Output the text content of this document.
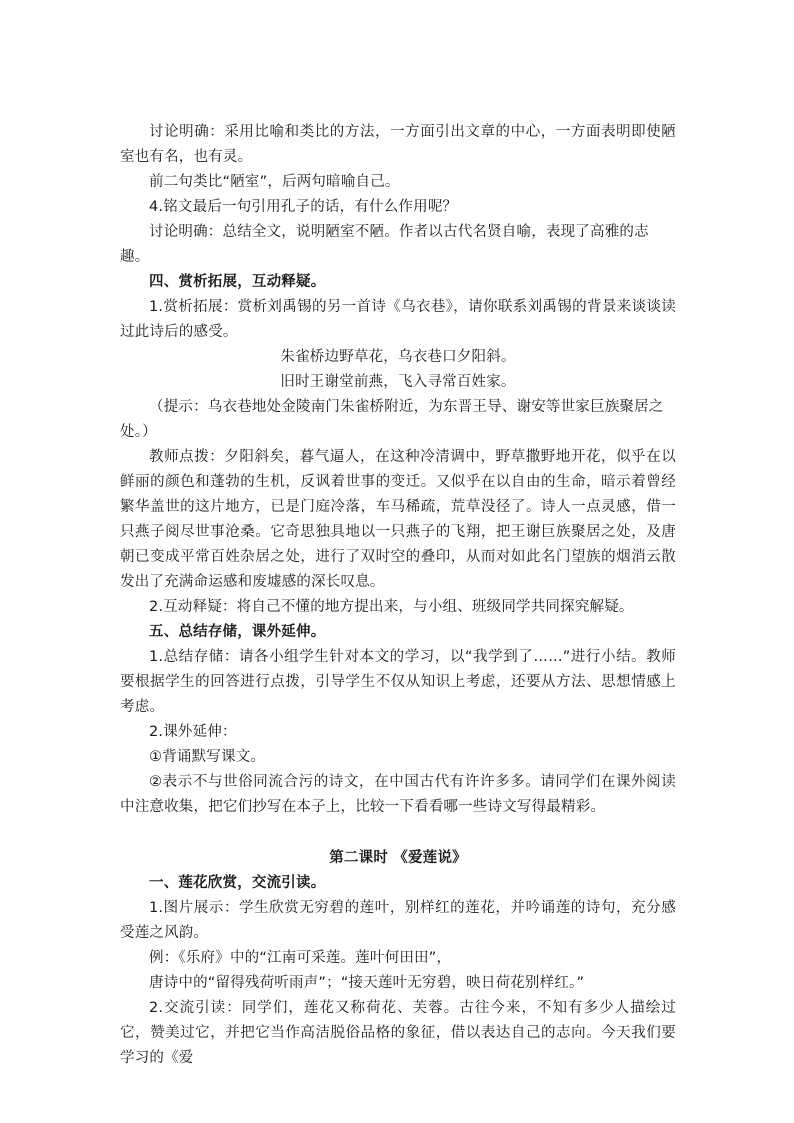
讨论明确：采用比喻和类比的方法，一方面引出文章的中心，一方面表明即使陋室也有名，也有灵。

前二句类比“陋室”，后两句暗喻自己。

4.铭文最后一句引用孔子的话，有什么作用呢？

讨论明确：总结全文，说明陋室不陋。作者以古代名贤自喻，表现了高雅的志趣。

四、赏析拓展，互动释疑。

1.赏析拓展：赏析刘禹锡的另一首诗《乌衣巷》，请你联系刘禹锡的背景来谈谈读过此诗后的感受。

朱雀桥边野草花，乌衣巷口夕阳斜。

旧时王谢堂前燕，飞入寻常百姓家。

（提示：乌衣巷地处金陵南门朱雀桥附近，为东晋王导、谢安等世家巨族聚居之处。）

教师点拨：夕阳斜矣，暮气逼人，在这种冷清调中，野草撒野地开花，似乎在以鲜丽的颜色和蓬勃的生机，反讽着世事的变迁。又似乎在以自由的生命，暗示着曾经繁华盖世的这片地方，已是门庭冷落，车马稀疏，荒草没径了。诗人一点灵感，借一只燕子阅尽世事沧桑。它奇思独具地以一只燕子的飞翔，把王谢巨族聚居之处，及唐朝已变成平常百姓杂居之处，进行了双时空的叠印，从而对如此名门望族的烟消云散发出了充满命运感和废墟感的深长叹息。

2.互动释疑：将自己不懂的地方提出来，与小组、班级同学共同探究解疑。

五、总结存储，课外延伸。

1.总结存储：请各小组学生针对本文的学习，以“我学到了……”进行小结。教师要根据学生的回答进行点拨，引导学生不仅从知识上考虑，还要从方法、思想情感上考虑。

2.课外延伸：

①背诵默写课文。

②表示不与世俗同流合污的诗文，在中国古代有许许多多。请同学们在课外阅读中注意收集，把它们抄写在本子上，比较一下看看哪一些诗文写得最精彩。

第二课时 《爱莲说》

一、莲花欣赏，交流引读。

1.图片展示：学生欣赏无穷碧的莲叶，别样红的莲花，并吟诵莲的诗句，充分感受莲之风韵。

例：《乐府》中的“江南可采莲。莲叶何田田”，

唐诗中的“留得残荷听雨声”；“接天莲叶无穷碧，映日荷花别样红。”

2.交流引读：同学们，莲花又称荷花、芙蓉。古往今来，不知有多少人描绘过它，赞美过它，并把它当作高洁脱俗品格的象征，借以表达自己的志向。今天我们要学习的《爱
